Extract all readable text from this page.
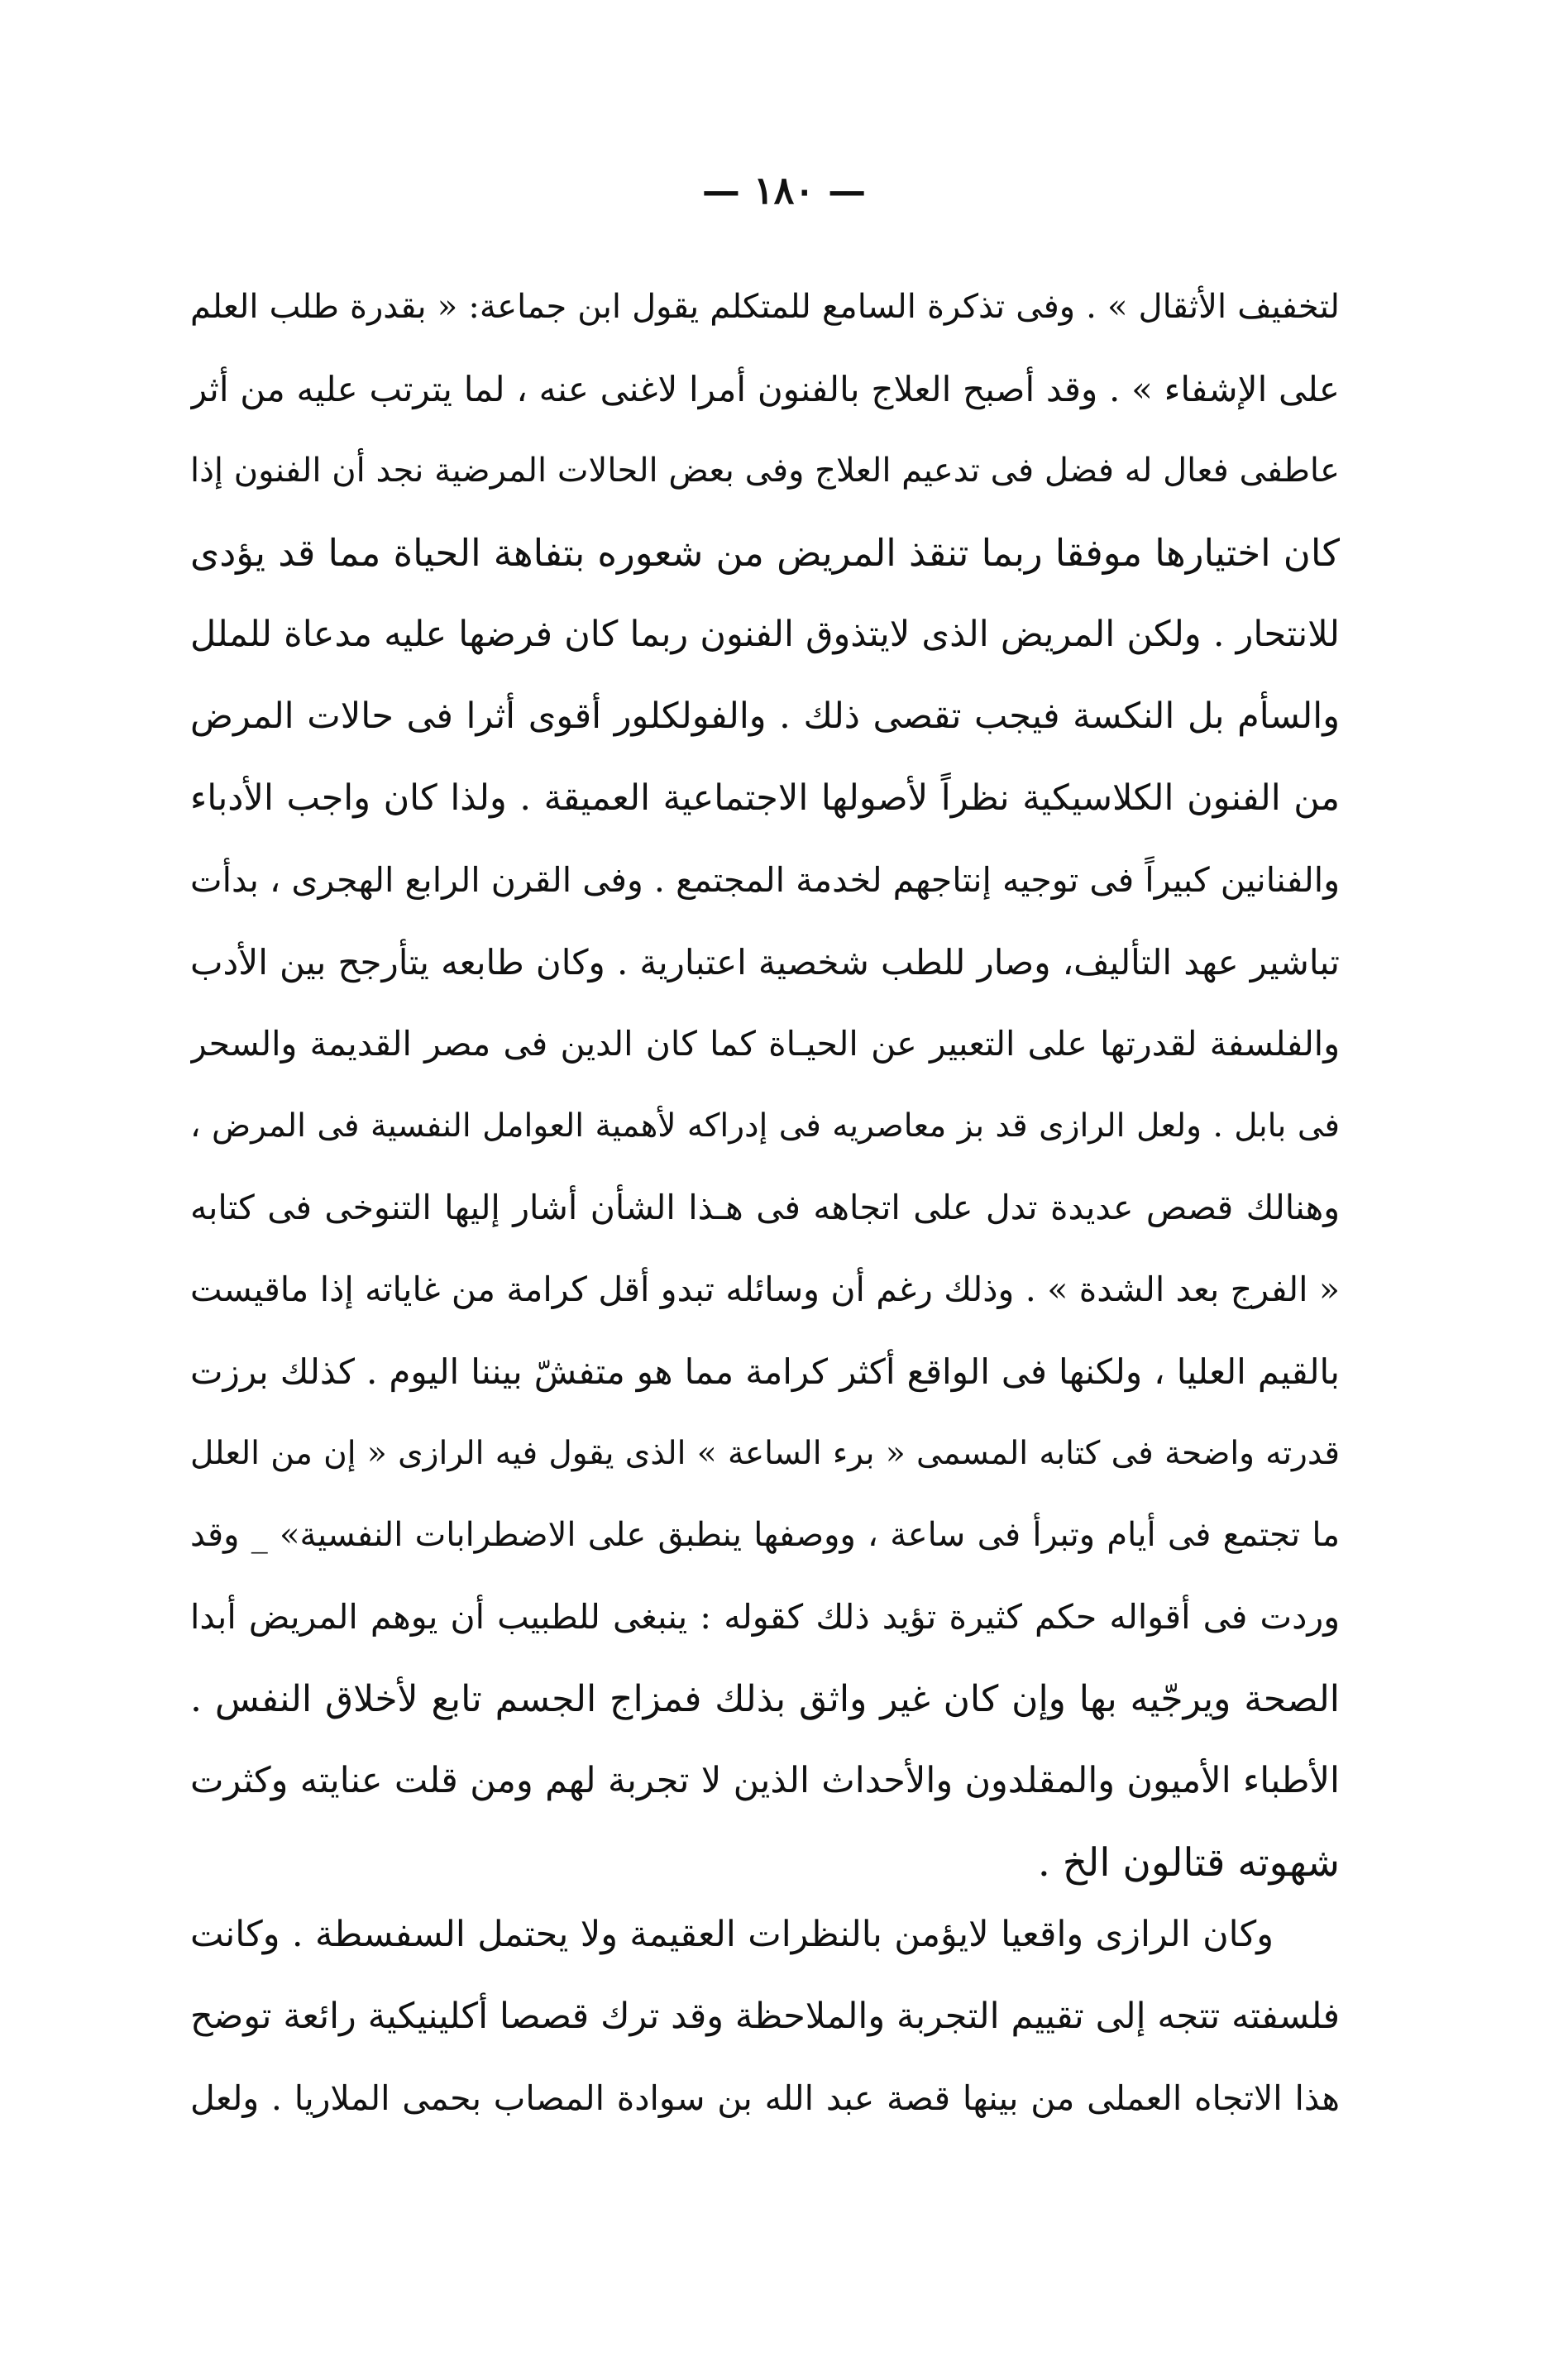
— ١٨٠ —
لتخفيف الأثقال » . وفى تذكرة السامع للمتكلم يقول ابن جماعة: « بقدرة طلب العلم
على الإشفاء » . وقد أصبح العلاج بالفنون أمرا لاغنى عنه ، لما يترتب عليه من أثر
عاطفى فعال له فضل فى تدعيم العلاج وفى بعض الحالات المرضية نجد أن الفنون إذا
كان اختيارها موفقا ربما تنقذ المريض من شعوره بتفاهة الحياة مما قد يؤدى
للانتحار . ولكن المريض الذى لايتذوق الفنون ربما كان فرضها عليه مدعاة للملل
والسأم بل النكسة فيجب تقصى ذلك . والفولكلور أقوى أثرا فى حالات المرض
من الفنون الكلاسيكية نظراً لأصولها الاجتماعية العميقة . ولذا كان واجب الأدباء
والفنانين كبيراً فى توجيه إنتاجهم لخدمة المجتمع . وفى القرن الرابع الهجرى ، بدأت
تباشير عهد التأليف، وصار للطب شخصية اعتبارية . وكان طابعه يتأرجح بين الأدب
والفلسفة لقدرتها على التعبير عن الحيـاة كما كان الدين فى مصر القديمة والسحر
فى بابل . ولعل الرازى قد بز معاصريه فى إدراكه لأهمية العوامل النفسية فى المرض ،
وهنالك قصص عديدة تدل على اتجاهه فى هـذا الشأن أشار إليها التنوخى فى كتابه
« الفرج بعد الشدة » . وذلك رغم أن وسائله تبدو أقل كرامة من غاياته إذا ماقيست
بالقيم العليا ، ولكنها فى الواقع أكثر كرامة مما هو متفشّ بيننا اليوم . كذلك برزت
قدرته واضحة فى كتابه المسمى « برء الساعة » الذى يقول فيه الرازى « إن من العلل
ما تجتمع فى أيام وتبرأ فى ساعة ، ووصفها ينطبق على الاضطرابات النفسية» _ وقد
وردت فى أقواله حكم كثيرة تؤيد ذلك كقوله : ينبغى للطبيب أن يوهم المريض أبدا
الصحة ويرجّيه بها وإن كان غير واثق بذلك فمزاج الجسم تابع لأخلاق النفس .
الأطباء الأميون والمقلدون والأحداث الذين لا تجربة لهم ومن قلت عنايته وكثرت
شهوته قتالون الخ .
وكان الرازى واقعيا لايؤمن بالنظرات العقيمة ولا يحتمل السفسطة . وكانت
فلسفته تتجه إلى تقييم التجربة والملاحظة وقد ترك قصصا أكلينيكية رائعة توضح
هذا الاتجاه العملى من بينها قصة عبد الله بن سوادة المصاب بحمى الملاريا . ولعل
